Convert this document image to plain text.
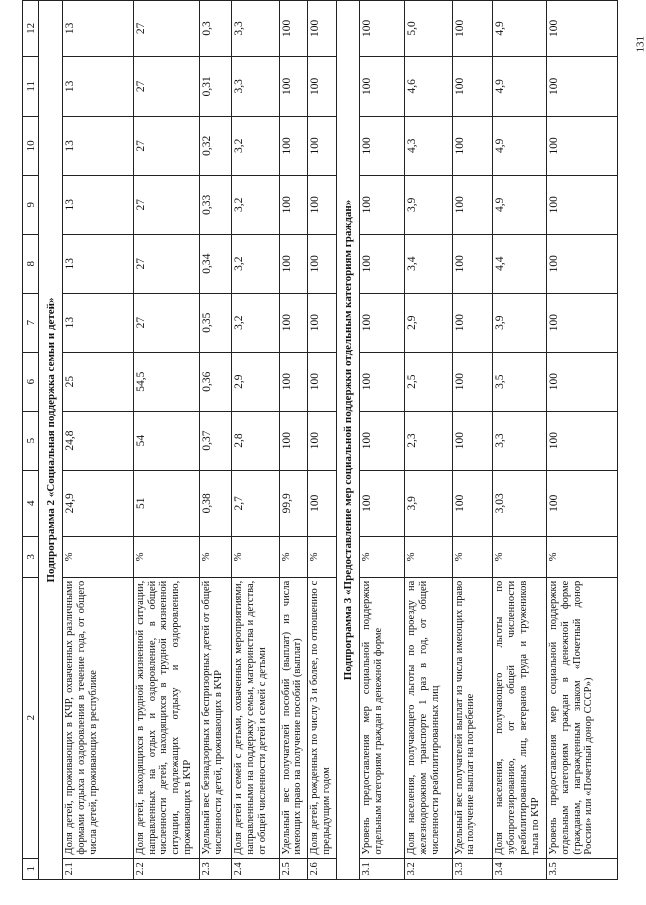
131
1	2	3	4	5	6	7	8	9	10	11	12
Подпрограмма 2 «Социальная поддержка семьи и детей»											
2.1	Доля детей, проживающих в КЧР, охваченных различными формами отдыха и оздоровления в течение года, от общего числа детей, проживающих в республике	%	24,9	24,8	25	13	13	13	13	13	13
2.2	Доля детей, находящихся в трудной жизненной ситуации, направленных на отдых и оздоровление, в общей численности детей, находящихся в трудной жизненной ситуации, подлежащих отдыху и оздоровлению, проживающих в КЧР	%	51	54	54,5	27	27	27	27	27	27
2.3	Удельный вес безнадзорных и беспризорных детей от общей численности детей, проживающих в КЧР	%	0,38	0,37	0,36	0,35	0,34	0,33	0,32	0,31	0,3
2.4	Доля детей и семей с детьми, охваченных мероприятиями, направленными на поддержку семьи, материнства и детства, от общей численности детей и семей с детьми	%	2,7	2,8	2,9	3,2	3,2	3,2	3,2	3,3	3,3
2.5	Удельный вес получателей пособий (выплат) из числа имеющих право на получение пособий (выплат)	%	99,9	100	100	100	100	100	100	100	100
2.6	Доля детей, рожденных по числу 3 и более, по отношению с предыдущим годом	%	100	100	100	100	100	100	100	100	100
Подпрограмма 3 «Предоставление мер социальной поддержки отдельным категориям граждан»											
3.1	Уровень предоставления мер социальной поддержки отдельным категориям граждан в денежной форме	%	100	100	100	100	100	100	100	100	100
3.2	Доля населения, получающего льготы по проезду на железнодорожном транспорте 1 раз в год, от общей численности реабилитированных лиц	%	3,9	2,3	2,5	2,9	3,4	3,9	4,3	4,6	5,0
3.3	Удельный вес получателей выплат из числа имеющих право на получение выплат на погребение	%	100	100	100	100	100	100	100	100	100
3.4	Доля населения, получающего льготы по зубопротезированию, от общей численности реабилитированных лиц, ветеранов труда и тружеников тыла по КЧР	%	3,03	3,3	3,5	3,9	4,4	4,9	4,9	4,9	4,9
3.5	Уровень предоставления мер социальной поддержки отдельным категориям граждан в денежной форме (гражданам, награжденным знаком «Почетный донор России» или «Почетный донор СССР»)	%	100	100	100	100	100	100	100	100	100
